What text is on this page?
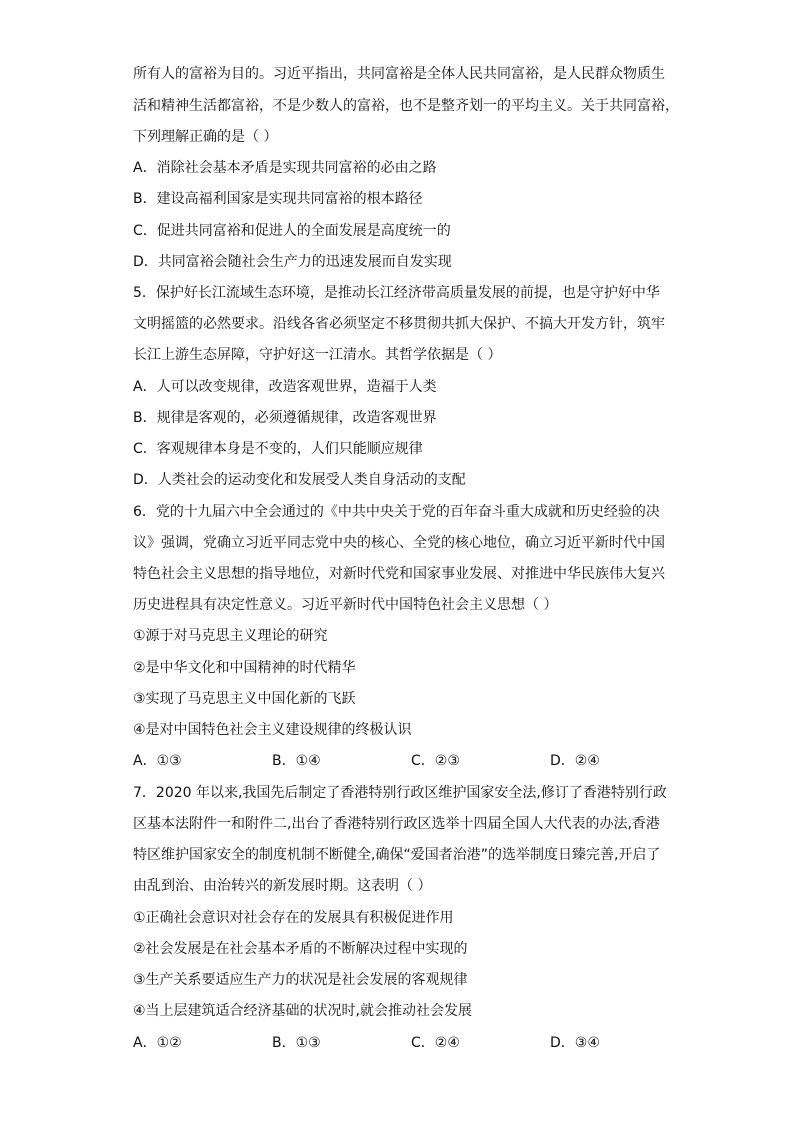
所有人的富裕为目的。习近平指出，共同富裕是全体人民共同富裕，是人民群众物质生
活和精神生活都富裕，不是少数人的富裕，也不是整齐划一的平均主义。关于共同富裕，
下列理解正确的是（ ）
A．消除社会基本矛盾是实现共同富裕的必由之路
B．建设高福利国家是实现共同富裕的根本路径
C．促进共同富裕和促进人的全面发展是高度统一的
D．共同富裕会随社会生产力的迅速发展而自发实现
5．保护好长江流域生态环境，是推动长江经济带高质量发展的前提，也是守护好中华
文明摇篮的必然要求。沿线各省必须坚定不移贯彻共抓大保护、不搞大开发方针，筑牢
长江上游生态屏障，守护好这一江清水。其哲学依据是（ ）
A．人可以改变规律，改造客观世界，造福于人类
B．规律是客观的，必须遵循规律，改造客观世界
C．客观规律本身是不变的，人们只能顺应规律
D．人类社会的运动变化和发展受人类自身活动的支配
6．党的十九届六中全会通过的《中共中央关于党的百年奋斗重大成就和历史经验的决
议》强调，党确立习近平同志党中央的核心、全党的核心地位，确立习近平新时代中国
特色社会主义思想的指导地位，对新时代党和国家事业发展、对推进中华民族伟大复兴
历史进程具有决定性意义。习近平新时代中国特色社会主义思想（ ）
①源于对马克思主义理论的研究
②是中华文化和中国精神的时代精华
③实现了马克思主义中国化新的飞跃
④是对中国特色社会主义建设规律的终极认识
A．①③	B．①④	C．②③	D．②④
7．2020 年以来,我国先后制定了香港特别行政区维护国家安全法,修订了香港特别行政
区基本法附件一和附件二,出台了香港特别行政区选举十四届全国人大代表的办法,香港
特区维护国家安全的制度机制不断健全,确保“爱国者治港”的选举制度日臻完善,开启了
由乱到治、由治转兴的新发展时期。这表明（ ）
①正确社会意识对社会存在的发展具有积极促进作用
②社会发展是在社会基本矛盾的不断解决过程中实现的
③生产关系要适应生产力的状况是社会发展的客观规律
④当上层建筑适合经济基础的状况时,就会推动社会发展
A．①②	B．①③	C．②④	D．③④
